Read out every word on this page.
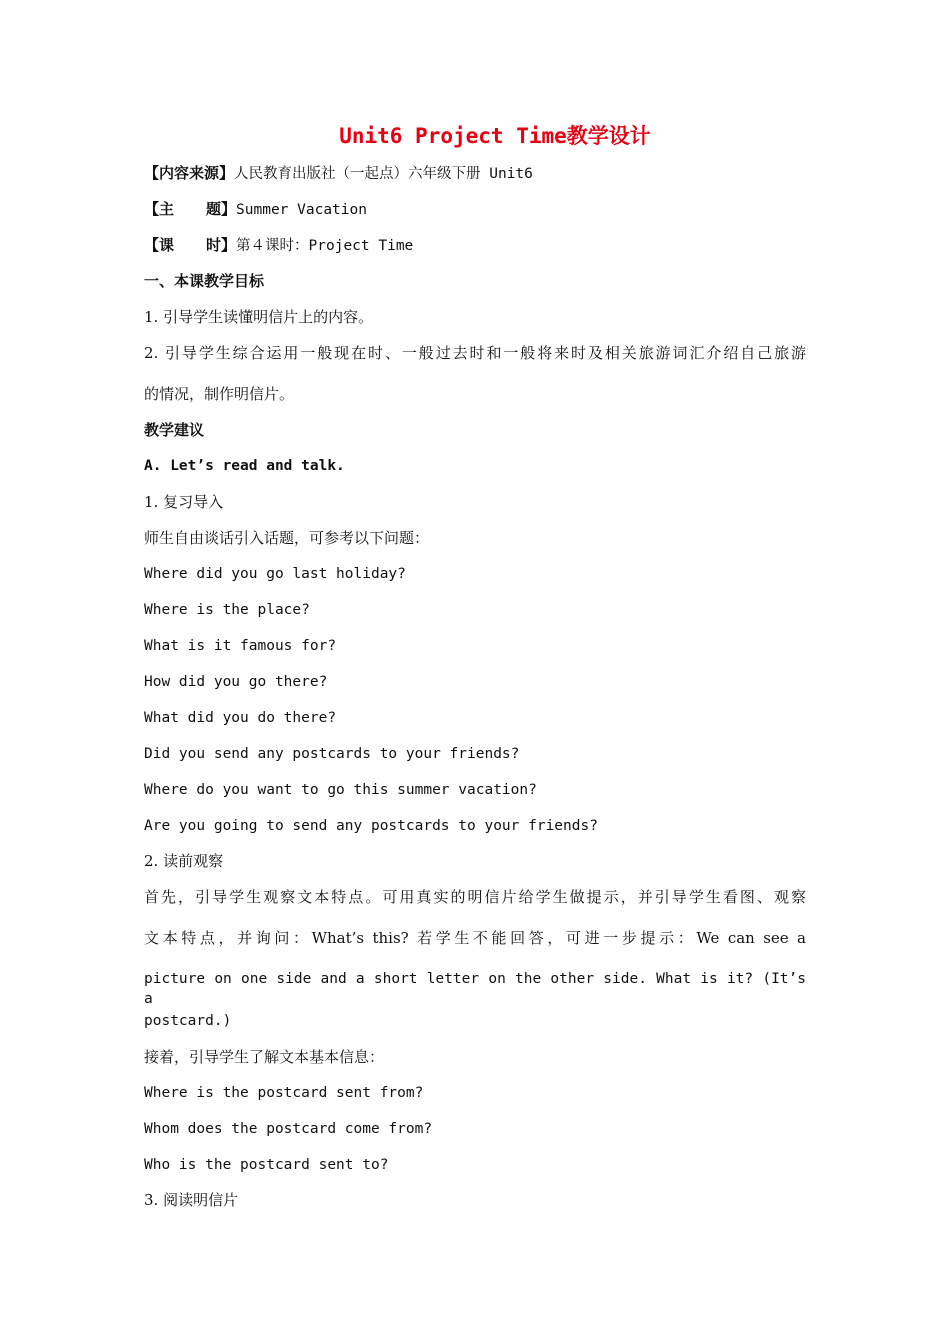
Unit6 Project Time教学设计
【内容来源】人民教育出版社（一起点）六年级下册 Unit6
【主 题】Summer Vacation
【课 时】第４课时：Project Time
一、本课教学目标
1. 引导学生读懂明信片上的内容。
2. 引导学生综合运用一般现在时、一般过去时和一般将来时及相关旅游词汇介绍自己旅游
的情况，制作明信片。
教学建议
A. Let’s read and talk.
1. 复习导入
师生自由谈话引入话题，可参考以下问题：
Where did you go last holiday?
Where is the place?
What is it famous for?
How did you go there?
What did you do there?
Did you send any postcards to your friends?
Where do you want to go this summer vacation?
Are you going to send any postcards to your friends?
2. 读前观察
首先，引导学生观察文本特点。可用真实的明信片给学生做提示，并引导学生看图、观察
文本特点，并询问：What’s this? 若学生不能回答，可进一步提示：We can see a
picture on one side and a short letter on the other side. What is it? (It’s a
postcard.)
接着，引导学生了解文本基本信息：
Where is the postcard sent from?
Whom does the postcard come from?
Who is the postcard sent to?
3. 阅读明信片
